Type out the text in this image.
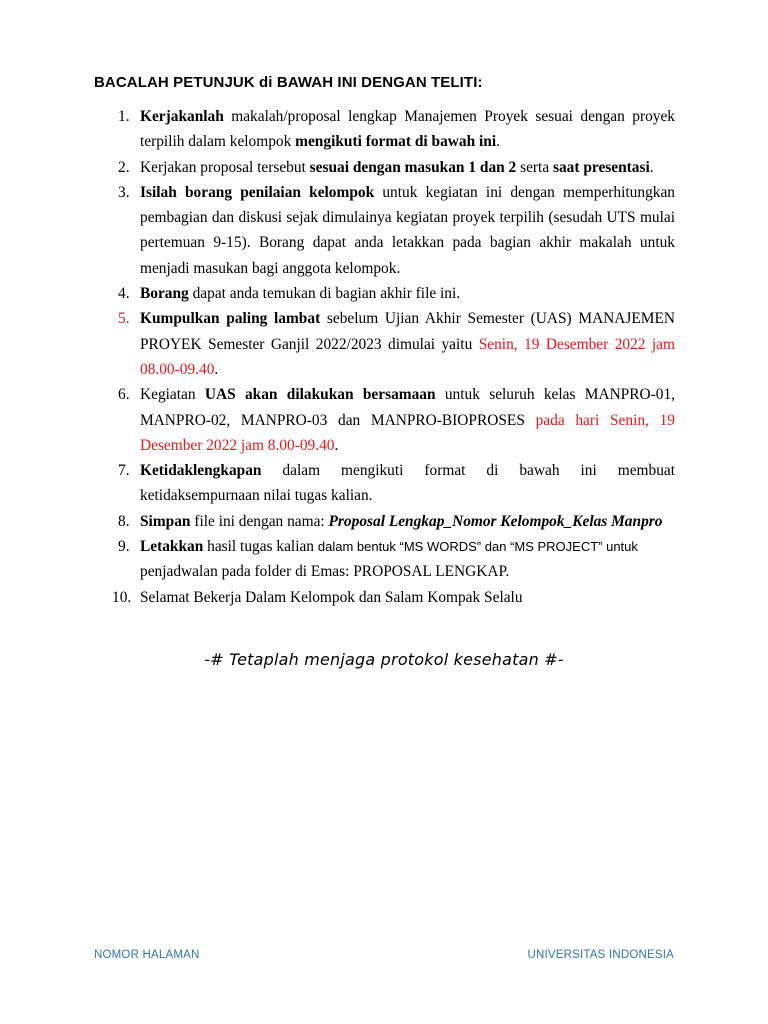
BACALAH PETUNJUK di BAWAH INI DENGAN TELITI:
1. Kerjakanlah makalah/proposal lengkap Manajemen Proyek sesuai dengan proyek terpilih dalam kelompok mengikuti format di bawah ini.
2. Kerjakan proposal tersebut sesuai dengan masukan 1 dan 2 serta saat presentasi.
3. Isilah borang penilaian kelompok untuk kegiatan ini dengan memperhitungkan pembagian dan diskusi sejak dimulainya kegiatan proyek terpilih (sesudah UTS mulai pertemuan 9-15). Borang dapat anda letakkan pada bagian akhir makalah untuk menjadi masukan bagi anggota kelompok.
4. Borang dapat anda temukan di bagian akhir file ini.
5. Kumpulkan paling lambat sebelum Ujian Akhir Semester (UAS) MANAJEMEN PROYEK Semester Ganjil 2022/2023 dimulai yaitu Senin, 19 Desember 2022 jam 08.00-09.40.
6. Kegiatan UAS akan dilakukan bersamaan untuk seluruh kelas MANPRO-01, MANPRO-02, MANPRO-03 dan MANPRO-BIOPROSES pada hari Senin, 19 Desember 2022 jam 8.00-09.40.
7. Ketidaklengkapan dalam mengikuti format di bawah ini membuat ketidaksempurnaan nilai tugas kalian.
8. Simpan file ini dengan nama: Proposal Lengkap_Nomor Kelompok_Kelas Manpro
9. Letakkan hasil tugas kalian dalam bentuk “MS WORDS” dan “MS PROJECT” untuk penjadwalan pada folder di Emas: PROPOSAL LENGKAP.
10. Selamat Bekerja Dalam Kelompok dan Salam Kompak Selalu
-# Tetaplah menjaga protokol kesehatan #-
NOMOR HALAMAN	UNIVERSITAS INDONESIA
